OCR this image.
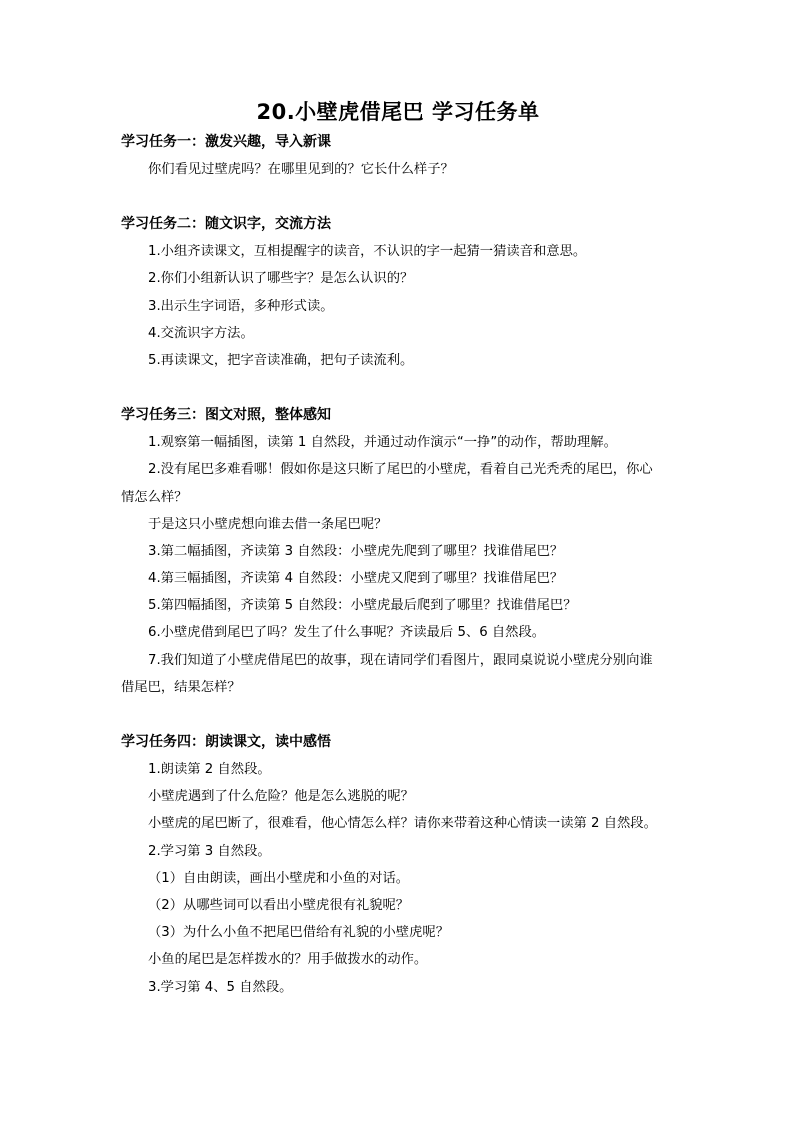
20.小壁虎借尾巴 学习任务单
学习任务一：激发兴趣，导入新课
你们看见过壁虎吗？在哪里见到的？它长什么样子？
学习任务二：随文识字，交流方法
1.小组齐读课文，互相提醒字的读音，不认识的字一起猜一猜读音和意思。
2.你们小组新认识了哪些字？是怎么认识的？
3.出示生字词语，多种形式读。
4.交流识字方法。
5.再读课文，把字音读准确，把句子读流利。
学习任务三：图文对照，整体感知
1.观察第一幅插图，读第 1 自然段，并通过动作演示“一挣”的动作，帮助理解。
2.没有尾巴多难看哪！假如你是这只断了尾巴的小壁虎，看着自己光秃秃的尾巴，你心
情怎么样？
于是这只小壁虎想向谁去借一条尾巴呢？
3.第二幅插图，齐读第 3 自然段：小壁虎先爬到了哪里？找谁借尾巴？
4.第三幅插图，齐读第 4 自然段：小壁虎又爬到了哪里？找谁借尾巴？
5.第四幅插图，齐读第 5 自然段：小壁虎最后爬到了哪里？找谁借尾巴？
6.小壁虎借到尾巴了吗？发生了什么事呢？齐读最后 5、6 自然段。
7.我们知道了小壁虎借尾巴的故事，现在请同学们看图片，跟同桌说说小壁虎分别向谁
借尾巴，结果怎样？
学习任务四：朗读课文，读中感悟
1.朗读第 2 自然段。
小壁虎遇到了什么危险？他是怎么逃脱的呢？
小壁虎的尾巴断了，很难看，他心情怎么样？请你来带着这种心情读一读第 2 自然段。
2.学习第 3 自然段。
（1）自由朗读，画出小壁虎和小鱼的对话。
（2）从哪些词可以看出小壁虎很有礼貌呢？
（3）为什么小鱼不把尾巴借给有礼貌的小壁虎呢？
小鱼的尾巴是怎样拨水的？用手做拨水的动作。
3.学习第 4、5 自然段。
